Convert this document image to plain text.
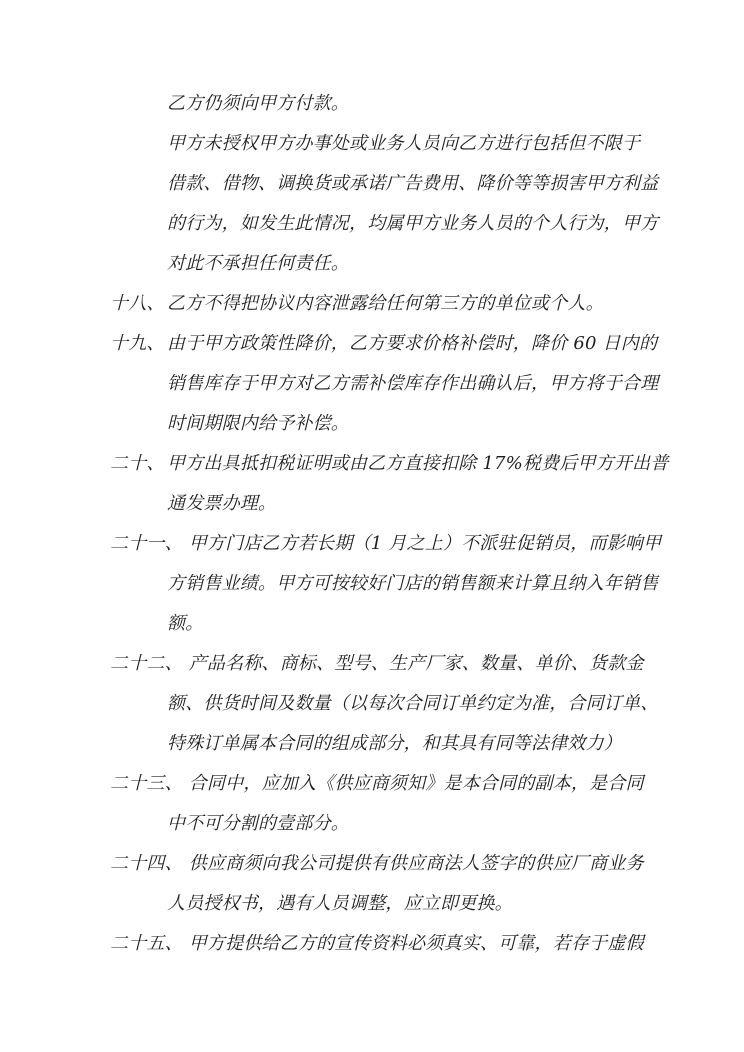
乙方仍须向甲方付款。
甲方未授权甲方办事处或业务人员向乙方进行包括但不限于
借款、借物、调换货或承诺广告费用、降价等等损害甲方利益
的行为，如发生此情况，均属甲方业务人员的个人行为，甲方
对此不承担任何责任。
十八、 乙方不得把协议内容泄露给任何第三方的单位或个人。
十九、 由于甲方政策性降价，乙方要求价格补偿时，降价 60 日内的
销售库存于甲方对乙方需补偿库存作出确认后，甲方将于合理
时间期限内给予补偿。
二十、 甲方出具抵扣税证明或由乙方直接扣除 17%税费后甲方开出普
通发票办理。
二十一、 甲方门店乙方若长期（1 月之上）不派驻促销员，而影响甲
方销售业绩。甲方可按较好门店的销售额来计算且纳入年销售
额。
二十二、 产品名称、商标、型号、生产厂家、数量、单价、货款金
额、供货时间及数量（以每次合同订单约定为准，合同订单、
特殊订单属本合同的组成部分，和其具有同等法律效力）
二十三、 合同中，应加入《供应商须知》是本合同的副本，是合同
中不可分割的壹部分。
二十四、 供应商须向我公司提供有供应商法人签字的供应厂商业务
人员授权书，遇有人员调整，应立即更换。
二十五、 甲方提供给乙方的宣传资料必须真实、可靠，若存于虚假
